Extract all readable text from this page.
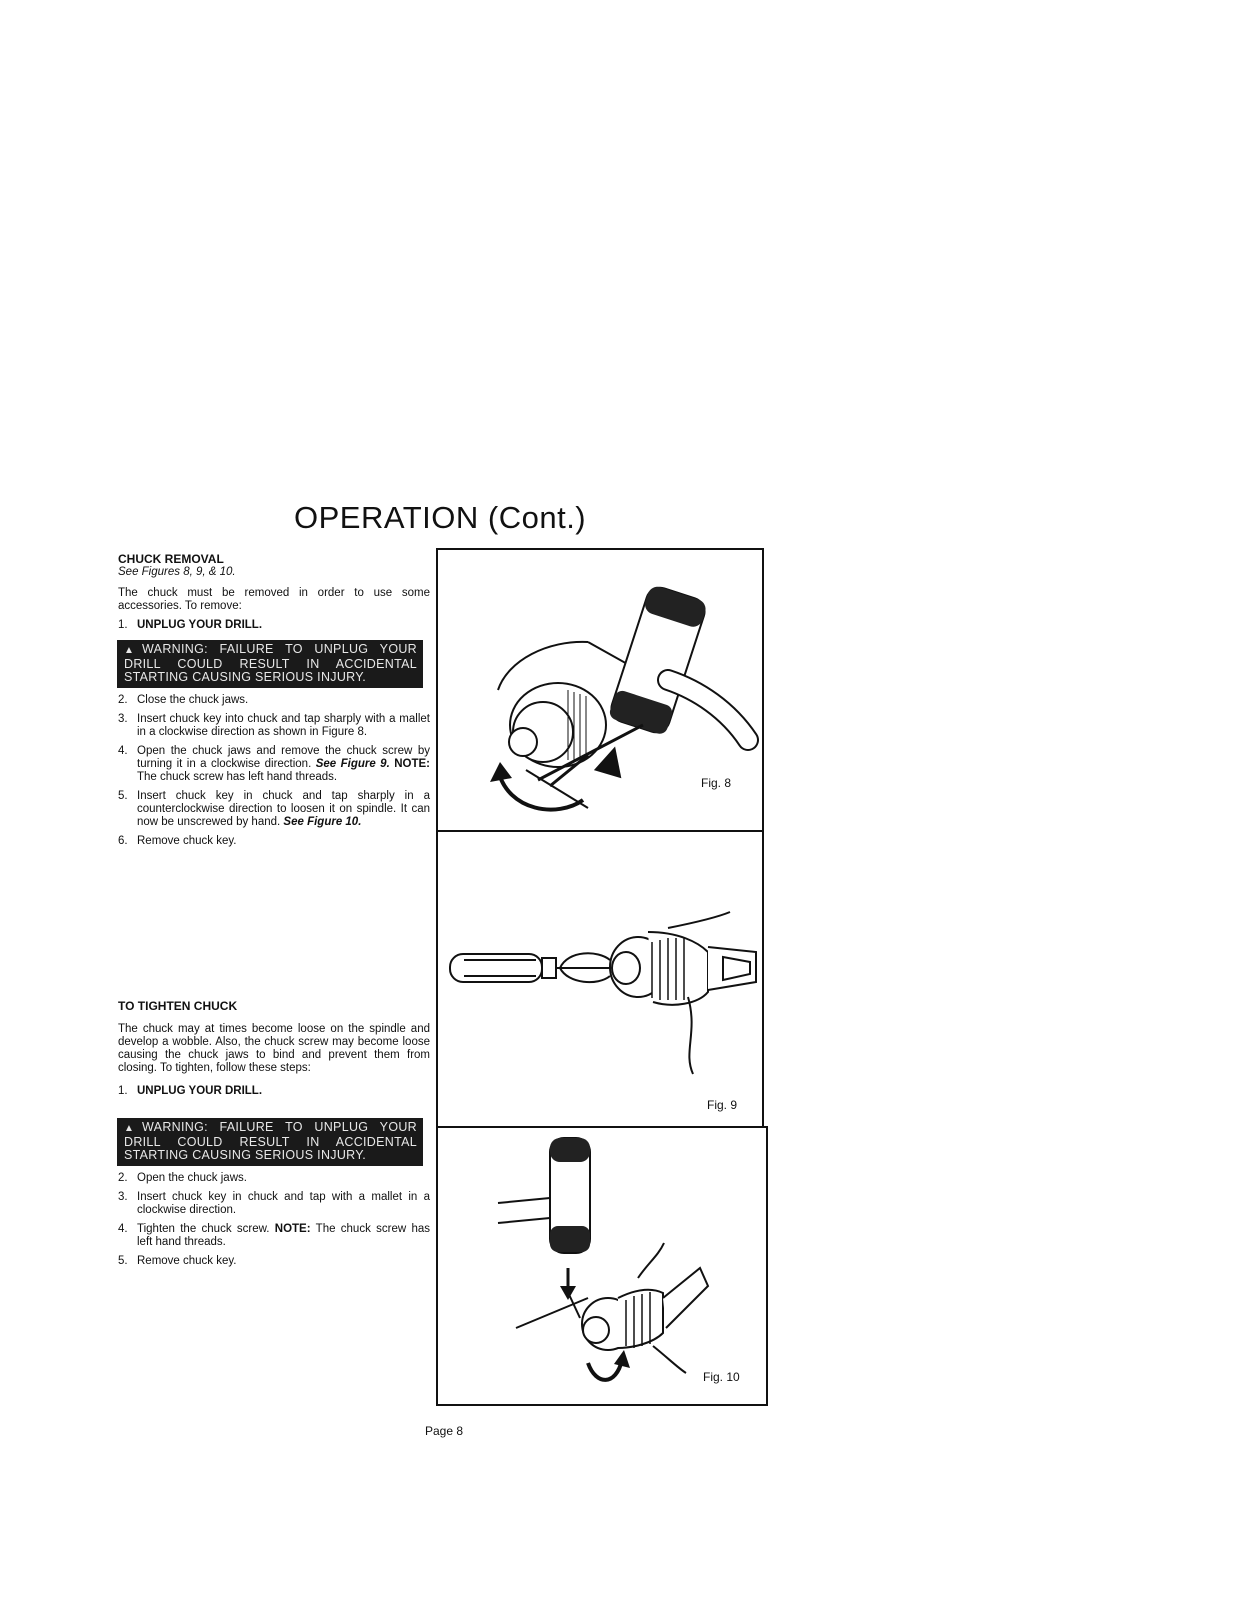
OPERATION (Cont.)

CHUCK REMOVAL

See Figures 8, 9, & 10.

The chuck must be removed in order to use some accessories. To remove:

1. UNPLUG YOUR DRILL.
▲WARNING: FAILURE TO UNPLUG YOUR DRILL COULD RESULT IN ACCIDENTAL STARTING CAUSING SERIOUS INJURY.
2. Close the chuck jaws.
3. Insert chuck key into chuck and tap sharply with a mallet in a clockwise direction as shown in Figure 8.
4. Open the chuck jaws and remove the chuck screw by turning it in a clockwise direction. See Figure 9. NOTE: The chuck screw has left hand threads.
5. Insert chuck key in chuck and tap sharply in a counterclockwise direction to loosen it on spindle. It can now be unscrewed by hand. See Figure 10.
6. Remove chuck key.

TO TIGHTEN CHUCK

The chuck may at times become loose on the spindle and develop a wobble. Also, the chuck screw may become loose causing the chuck jaws to bind and prevent them from closing. To tighten, follow these steps:

1. UNPLUG YOUR DRILL.
▲WARNING: FAILURE TO UNPLUG YOUR DRILL COULD RESULT IN ACCIDENTAL STARTING CAUSING SERIOUS INJURY.
2. Open the chuck jaws.
3. Insert chuck key in chuck and tap with a mallet in a clockwise direction.
4. Tighten the chuck screw. NOTE: The chuck screw has left hand threads.
5. Remove chuck key.
Fig. 8
Fig. 9
Fig. 10
Page 8
